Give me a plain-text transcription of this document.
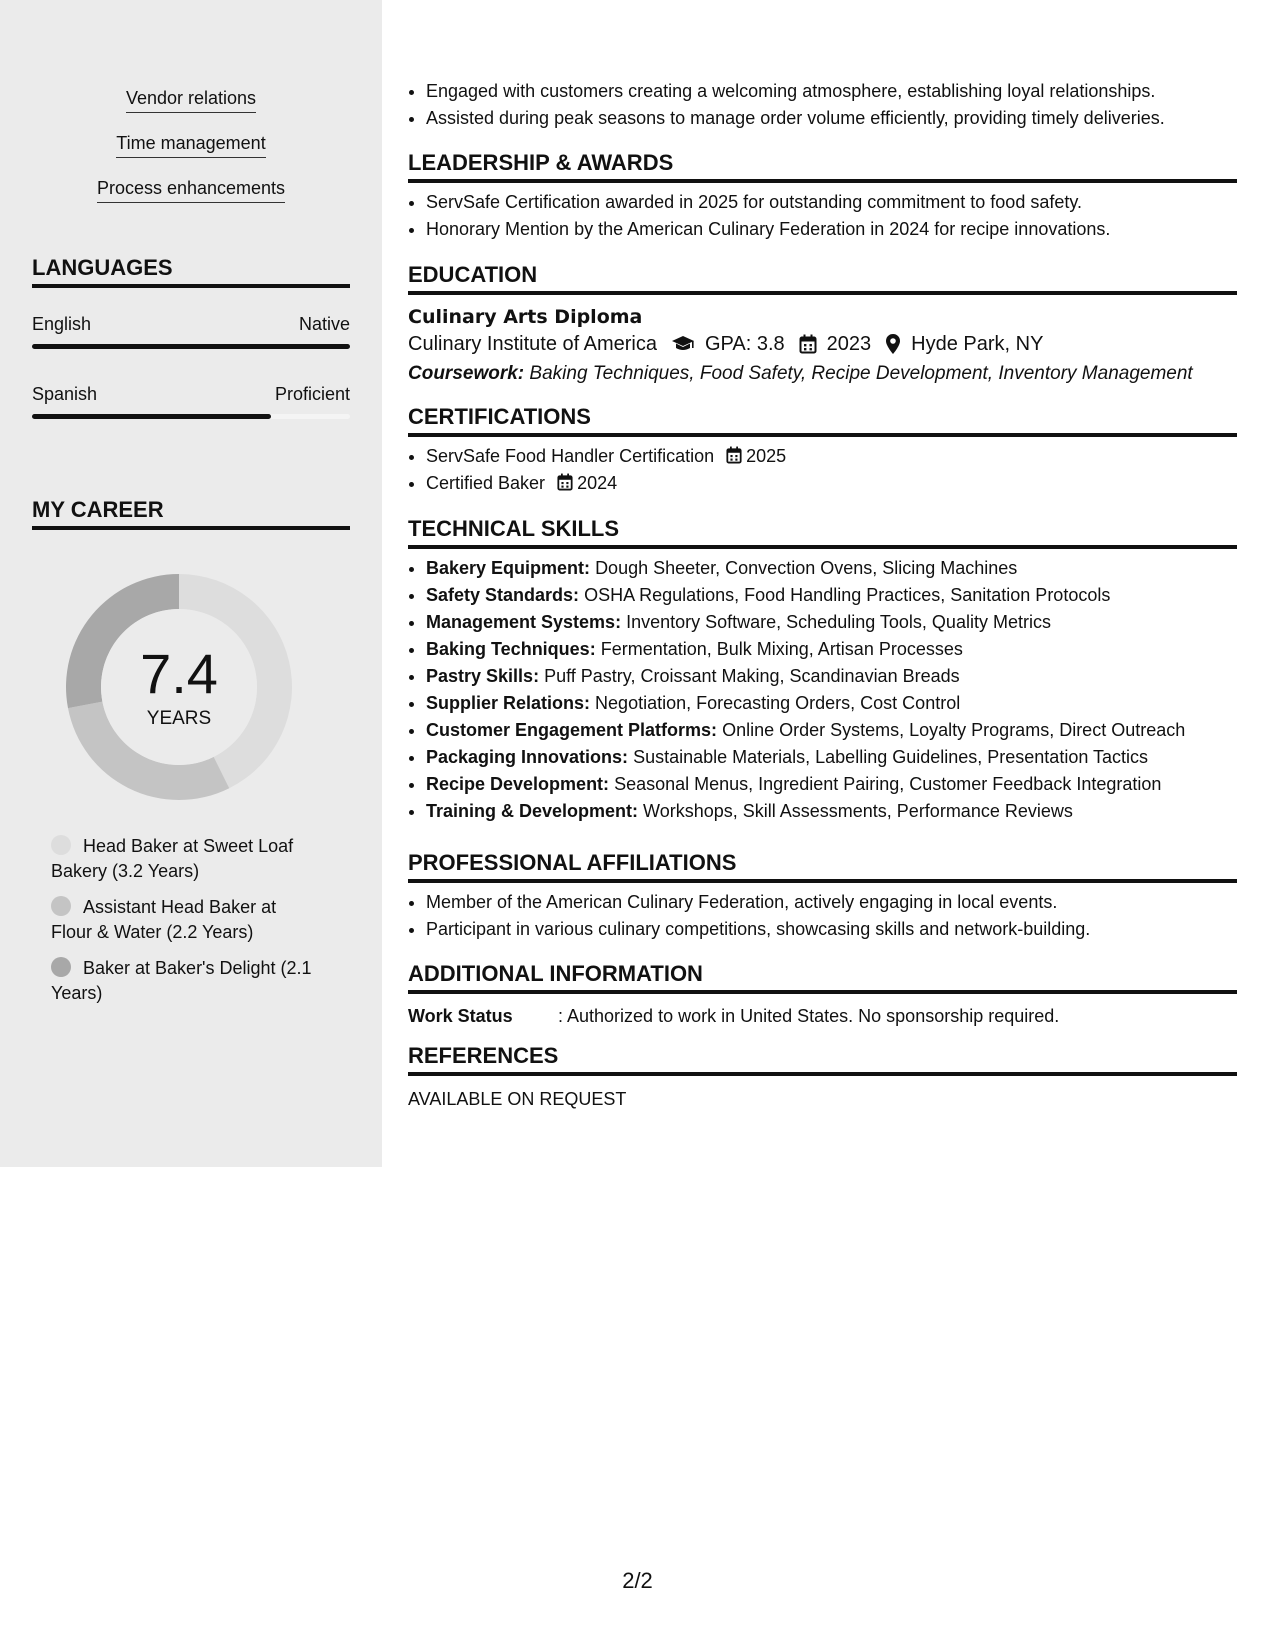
Vendor relations
Time management
Process enhancements
LANGUAGES
English	Native
Spanish	Proficient
MY CAREER
7.4
YEARS
Head Baker at Sweet Loaf Bakery (3.2 Years)
Assistant Head Baker at Flour & Water (2.2 Years)
Baker at Baker's Delight (2.1 Years)
• Engaged with customers creating a welcoming atmosphere, establishing loyal relationships.
• Assisted during peak seasons to manage order volume efficiently, providing timely deliveries.
LEADERSHIP & AWARDS
• ServSafe Certification awarded in 2025 for outstanding commitment to food safety.
• Honorary Mention by the American Culinary Federation in 2024 for recipe innovations.
EDUCATION
Culinary Arts Diploma
Culinary Institute of America GPA: 3.8 2023 Hyde Park, NY
Coursework: Baking Techniques, Food Safety, Recipe Development, Inventory Management
CERTIFICATIONS
• ServSafe Food Handler Certification 2025
• Certified Baker 2024
TECHNICAL SKILLS
• Bakery Equipment: Dough Sheeter, Convection Ovens, Slicing Machines
• Safety Standards: OSHA Regulations, Food Handling Practices, Sanitation Protocols
• Management Systems: Inventory Software, Scheduling Tools, Quality Metrics
• Baking Techniques: Fermentation, Bulk Mixing, Artisan Processes
• Pastry Skills: Puff Pastry, Croissant Making, Scandinavian Breads
• Supplier Relations: Negotiation, Forecasting Orders, Cost Control
• Customer Engagement Platforms: Online Order Systems, Loyalty Programs, Direct Outreach
• Packaging Innovations: Sustainable Materials, Labelling Guidelines, Presentation Tactics
• Recipe Development: Seasonal Menus, Ingredient Pairing, Customer Feedback Integration
• Training & Development: Workshops, Skill Assessments, Performance Reviews
PROFESSIONAL AFFILIATIONS
• Member of the American Culinary Federation, actively engaging in local events.
• Participant in various culinary competitions, showcasing skills and network-building.
ADDITIONAL INFORMATION
Work Status	: Authorized to work in United States. No sponsorship required.
REFERENCES
AVAILABLE ON REQUEST
2/2
